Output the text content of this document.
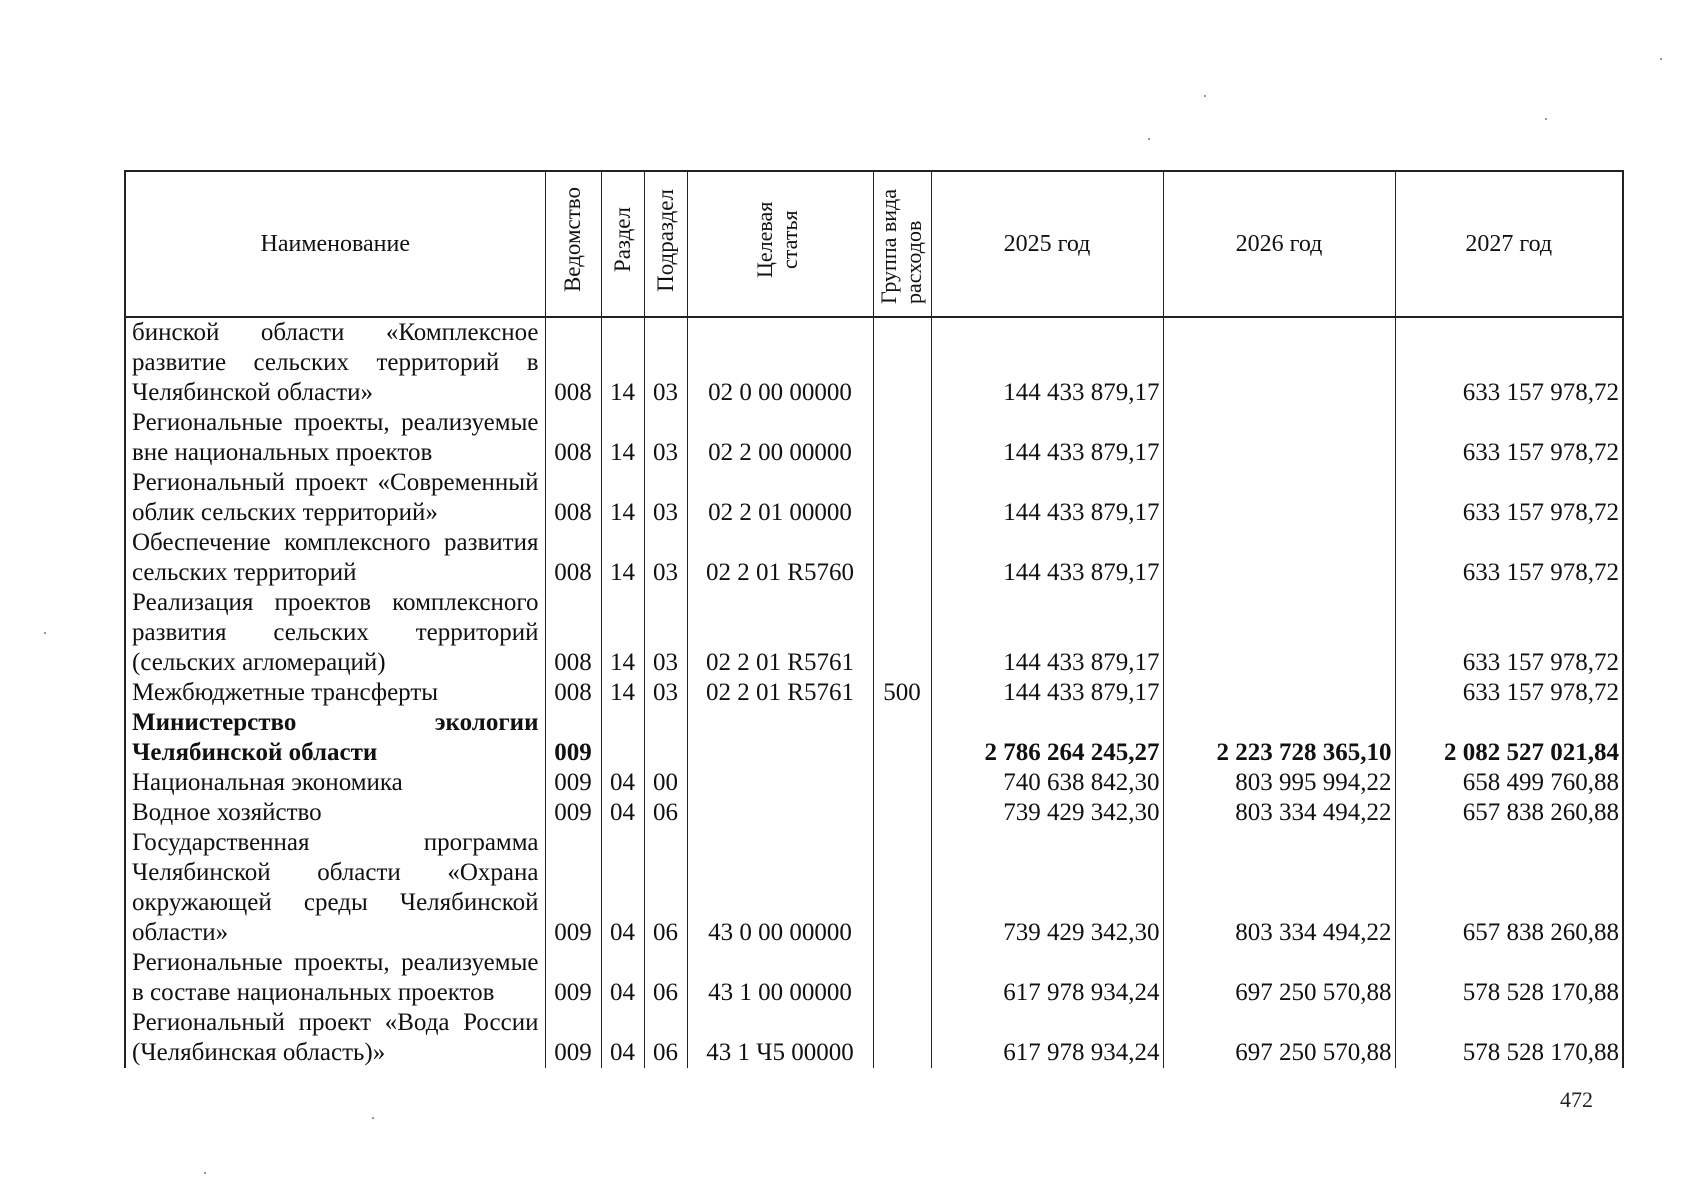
Наименование	Ведомство	Раздел	Подраздел	Целевая статья	Группа вида расходов	2025 год	2026 год	2027 год
бинской области «Комплексное развитие сельских территорий в Челябинской области»	008	14	03	02 0 00 00000		144 433 879,17		633 157 978,72
Региональные проекты, реализуемые вне национальных проектов	008	14	03	02 2 00 00000		144 433 879,17		633 157 978,72
Региональный проект «Современный облик сельских территорий»	008	14	03	02 2 01 00000		144 433 879,17		633 157 978,72
Обеспечение комплексного развития сельских территорий	008	14	03	02 2 01 R5760		144 433 879,17		633 157 978,72
Реализация проектов комплексного развития сельских территорий (сельских агломераций)	008	14	03	02 2 01 R5761		144 433 879,17		633 157 978,72
Межбюджетные трансферты	008	14	03	02 2 01 R5761	500	144 433 879,17		633 157 978,72
Министерство экологии Челябинской области	009					2 786 264 245,27	2 223 728 365,10	2 082 527 021,84
Национальная экономика	009	04	00			740 638 842,30	803 995 994,22	658 499 760,88
Водное хозяйство	009	04	06			739 429 342,30	803 334 494,22	657 838 260,88
Государственная программа Челябинской области «Охрана окружающей среды Челябинской области»	009	04	06	43 0 00 00000		739 429 342,30	803 334 494,22	657 838 260,88
Региональные проекты, реализуемые в составе национальных проектов	009	04	06	43 1 00 00000		617 978 934,24	697 250 570,88	578 528 170,88
Региональный проект «Вода России (Челябинская область)»	009	04	06	43 1 Ч5 00000		617 978 934,24	697 250 570,88	578 528 170,88
472
